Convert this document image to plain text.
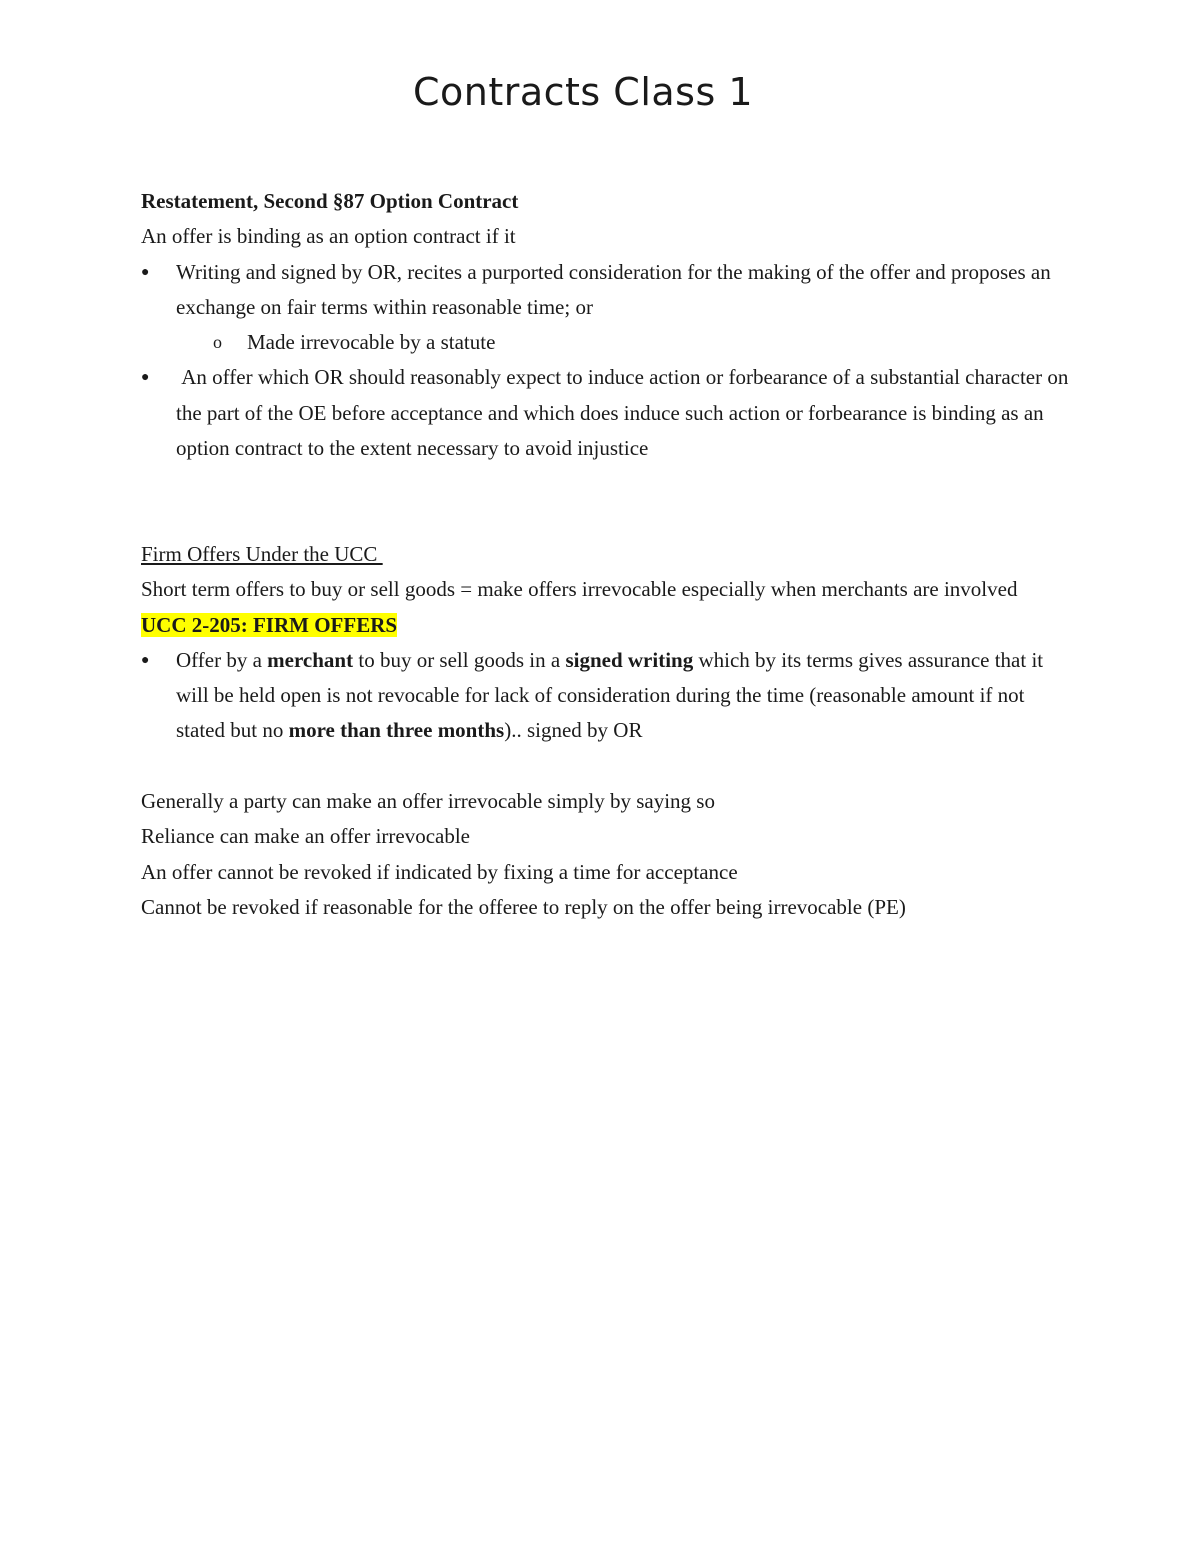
Contracts Class 1

Restatement, Second §87 Option Contract

An offer is binding as an option contract if it

●	Writing and signed by OR, recites a purported consideration for the making of the offer and proposes an exchange on fair terms within reasonable time; or
o	Made irrevocable by a statute
●	An offer which OR should reasonably expect to induce action or forbearance of a substantial character on the part of the OE before acceptance and which does induce such action or forbearance is binding as an option contract to the extent necessary to avoid injustice

Firm Offers Under the UCC

Short term offers to buy or sell goods = make offers irrevocable especially when merchants are involved

UCC 2-205: FIRM OFFERS

●	Offer by a merchant to buy or sell goods in a signed writing which by its terms gives assurance that it will be held open is not revocable for lack of consideration during the time (reasonable amount if not stated but no more than three months).. signed by OR

Generally a party can make an offer irrevocable simply by saying so

Reliance can make an offer irrevocable

An offer cannot be revoked if indicated by fixing a time for acceptance

Cannot be revoked if reasonable for the offeree to reply on the offer being irrevocable (PE)
